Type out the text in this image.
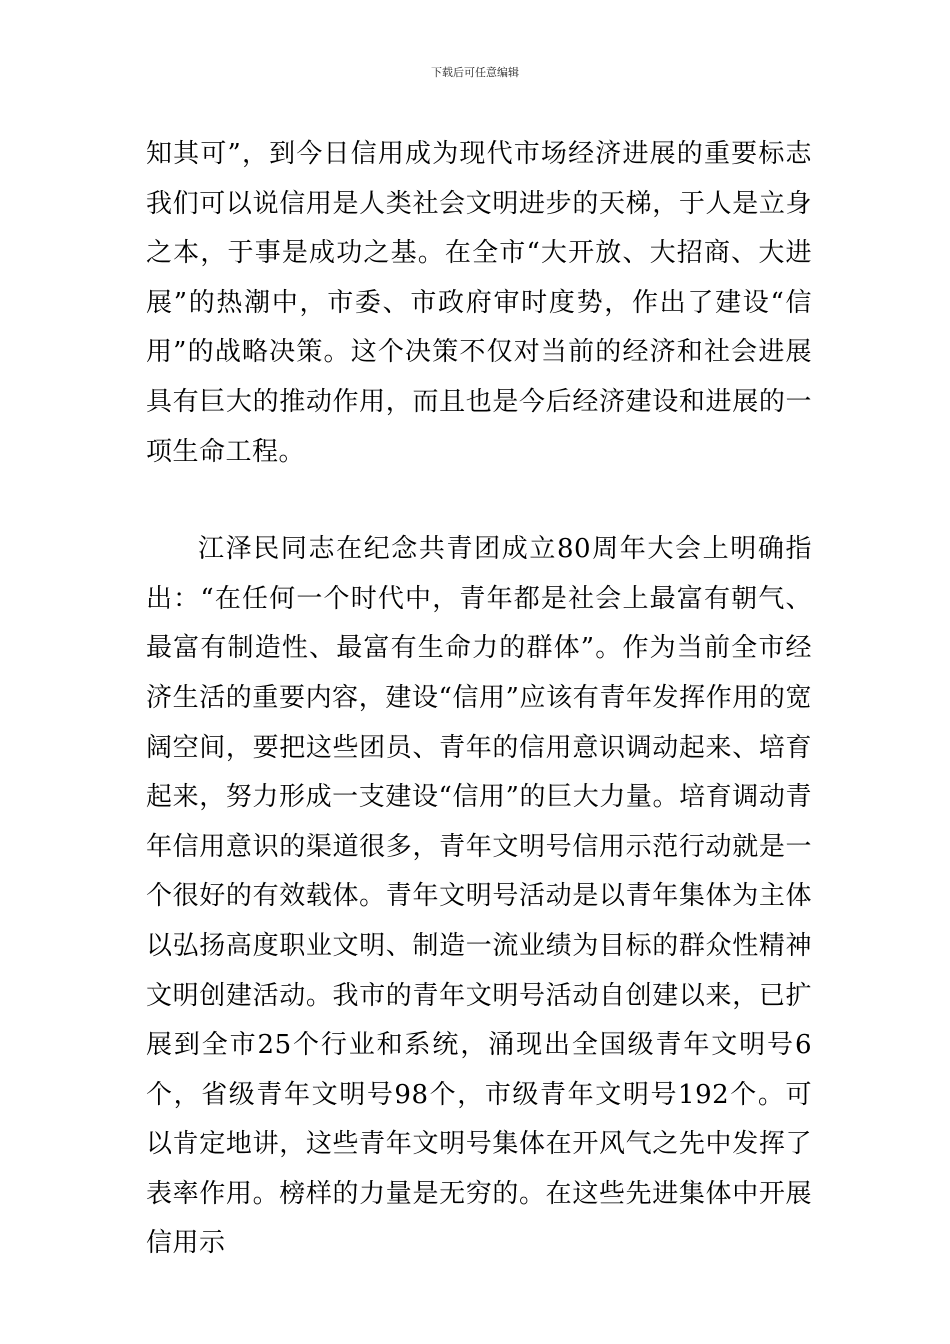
下载后可任意编辑

知其可”，到今日信用成为现代市场经济进展的重要标志我们可以说信用是人类社会文明进步的天梯，于人是立身之本，于事是成功之基。在全市“大开放、大招商、大进展”的热潮中，市委、市政府审时度势，作出了建设“信用”的战略决策。这个决策不仅对当前的经济和社会进展具有巨大的推动作用，而且也是今后经济建设和进展的一项生命工程。

江泽民同志在纪念共青团成立80周年大会上明确指出：“在任何一个时代中，青年都是社会上最富有朝气、最富有制造性、最富有生命力的群体”。作为当前全市经济生活的重要内容，建设“信用”应该有青年发挥作用的宽阔空间，要把这些团员、青年的信用意识调动起来、培育起来，努力形成一支建设“信用”的巨大力量。培育调动青年信用意识的渠道很多，青年文明号信用示范行动就是一个很好的有效载体。青年文明号活动是以青年集体为主体以弘扬高度职业文明、制造一流业绩为目标的群众性精神文明创建活动。我市的青年文明号活动自创建以来，已扩展到全市25个行业和系统，涌现出全国级青年文明号6个，省级青年文明号98个，市级青年文明号192个。可以肯定地讲，这些青年文明号集体在开风气之先中发挥了表率作用。榜样的力量是无穷的。在这些先进集体中开展信用示
